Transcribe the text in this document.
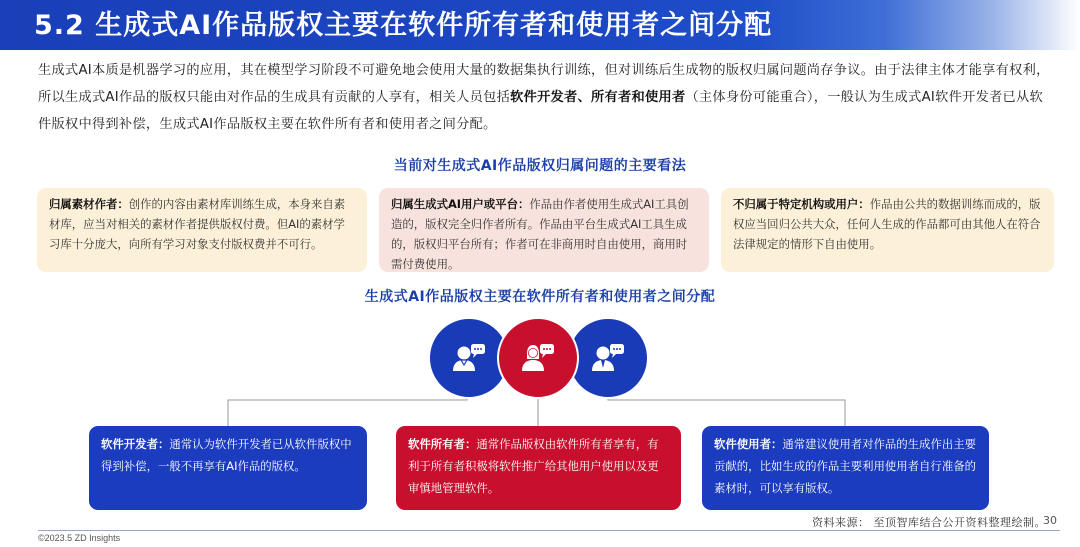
5.2 生成式AI作品版权主要在软件所有者和使用者之间分配
生成式AI本质是机器学习的应用，其在模型学习阶段不可避免地会使用大量的数据集执行训练，但对训练后生成物的版权归属问题尚存争议。由于法律主体才能享有权利，所以生成式AI作品的版权只能由对作品的生成具有贡献的人享有，相关人员包括软件开发者、所有者和使用者（主体身份可能重合），一般认为生成式AI软件开发者已从软件版权中得到补偿，生成式AI作品版权主要在软件所有者和使用者之间分配。
当前对生成式AI作品版权归属问题的主要看法
归属素材作者：创作的内容由素材库训练生成，本身来自素材库，应当对相关的素材作者提供版权付费。但AI的素材学习库十分庞大，向所有学习对象支付版权费并不可行。
归属生成式AI用户或平台：作品由作者使用生成式AI工具创造的，版权完全归作者所有。作品由平台生成式AI工具生成的，版权归平台所有；作者可在非商用时自由使用，商用时需付费使用。
不归属于特定机构或用户：作品由公共的数据训练而成的，版权应当回归公共大众，任何人生成的作品都可由其他人在符合法律规定的情形下自由使用。
生成式AI作品版权主要在软件所有者和使用者之间分配
软件开发者：通常认为软件开发者已从软件版权中得到补偿，一般不再享有AI作品的版权。
软件所有者：通常作品版权由软件所有者享有，有利于所有者积极将软件推广给其他用户使用以及更审慎地管理软件。
软件使用者：通常建议使用者对作品的生成作出主要贡献的，比如生成的作品主要利用使用者自行准备的素材时，可以享有版权。
资料来源： 至顶智库结合公开资料整理绘制。
30
©2023.5 ZD Insights
